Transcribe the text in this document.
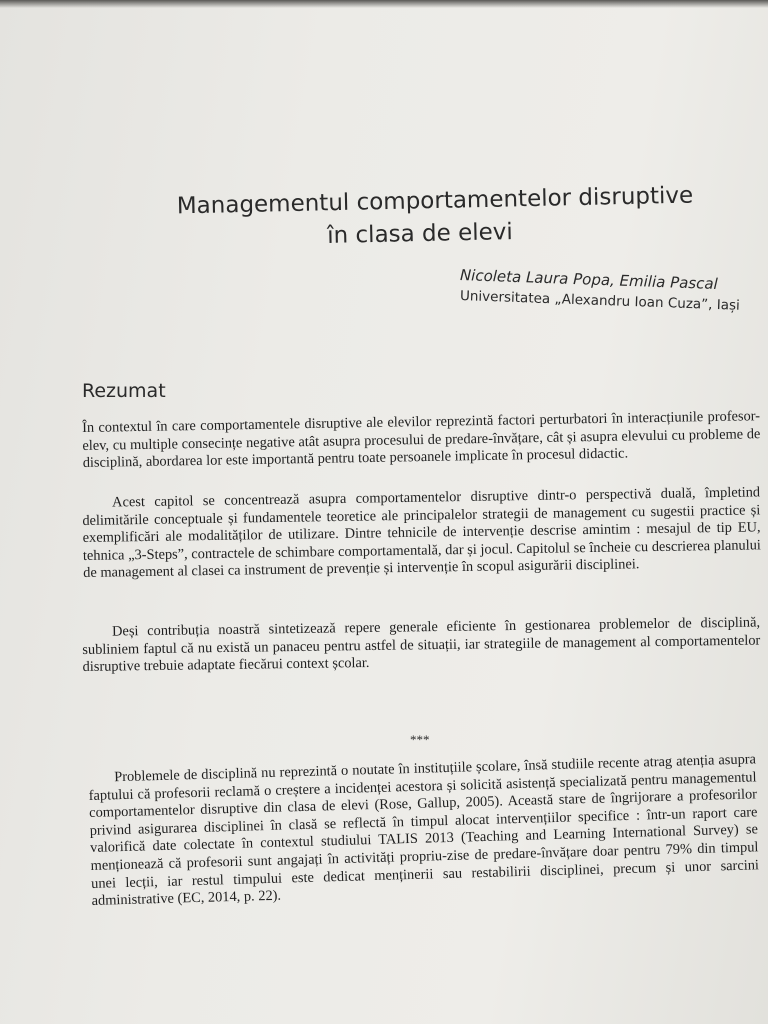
Managementul comportamentelor disruptive
în clasa de elevi
Nicoleta Laura Popa, Emilia Pascal
Universitatea „Alexandru Ioan Cuza”, Iași
Rezumat

În contextul în care comportamentele disruptive ale elevilor reprezintă factori perturbatori în interacțiunile profesor-elev, cu multiple consecințe negative atât asupra procesului de predare-învățare, cât și asupra elevului cu probleme de disciplină, abordarea lor este importantă pentru toate persoanele implicate în procesul didactic.

Acest capitol se concentrează asupra comportamentelor disruptive dintr-o perspectivă duală, împletind delimitările conceptuale și fundamentele teoretice ale principalelor strategii de management cu sugestii practice și exemplificări ale modalităților de utilizare. Dintre tehnicile de intervenție descrise amintim : mesajul de tip EU, tehnica „3-Steps”, contractele de schimbare comportamentală, dar și jocul. Capitolul se încheie cu descrierea planului de management al clasei ca instrument de prevenție și intervenție în scopul asigurării disciplinei.

Deși contribuția noastră sintetizează repere generale eficiente în gestionarea problemelor de disciplină, subliniem faptul că nu există un panaceu pentru astfel de situații, iar strategiile de management al comportamentelor disruptive trebuie adaptate fiecărui context școlar.

***

Problemele de disciplină nu reprezintă o noutate în instituțiile școlare, însă studiile recente atrag atenția asupra faptului că profesorii reclamă o creștere a incidenței acestora și solicită asistență specializată pentru managementul comportamentelor disruptive din clasa de elevi (Rose, Gallup, 2005). Această stare de îngrijorare a profesorilor privind asigurarea disciplinei în clasă se reflectă în timpul alocat intervențiilor specifice : într-un raport care valorifică date colectate în contextul studiului TALIS 2013 (Teaching and Learning International Survey) se menționează că profesorii sunt angajați în activități propriu-zise de predare-învățare doar pentru 79% din timpul unei lecții, iar restul timpului este dedicat menținerii sau restabilirii disciplinei, precum și unor sarcini administrative (EC, 2014, p. 22).
